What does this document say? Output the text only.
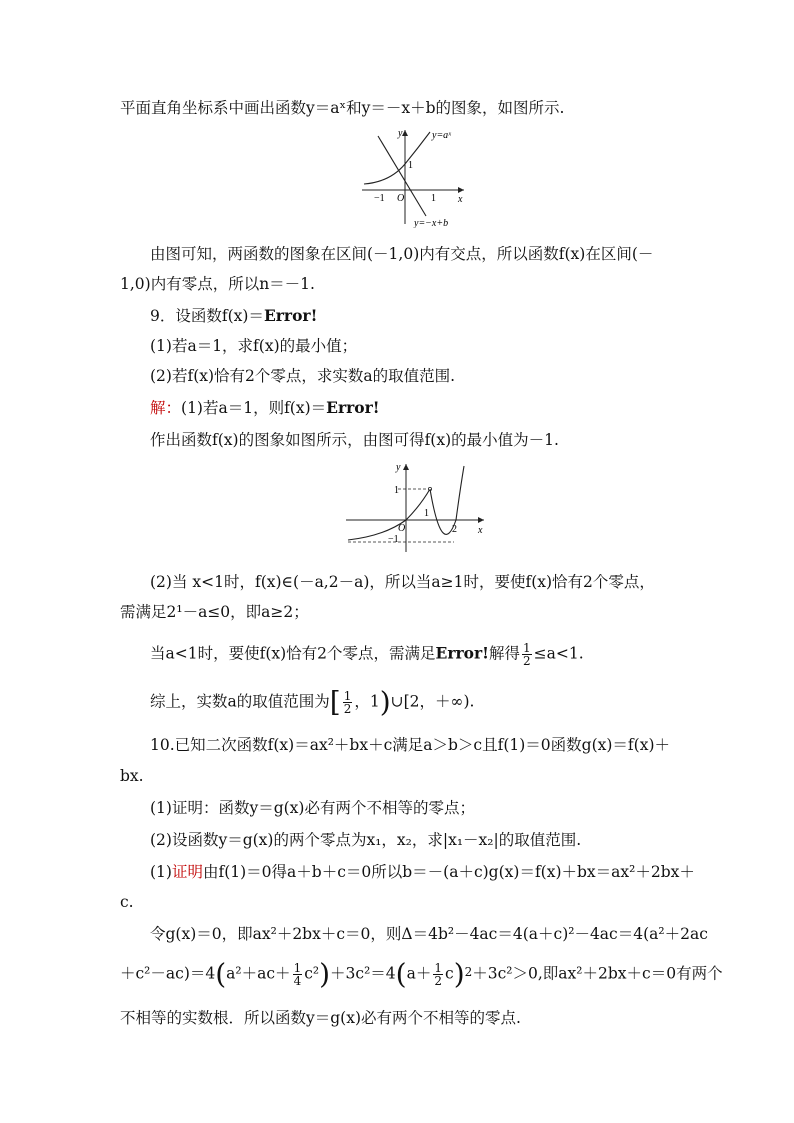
平面直角坐标系中画出函数y＝aˣ和y＝－x＋b的图象，如图所示.
y
x
O
1
1
−1
y=aˣ
y=−x+b
由图可知，两函数的图象在区间(－1,0)内有交点，所以函数f(x)在区间(－
1,0)内有零点，所以n＝－1.
9．设函数f(x)＝Error!
(1)若a＝1，求f(x)的最小值；
(2)若f(x)恰有2个零点，求实数a的取值范围.
解：(1)若a＝1，则f(x)＝Error!
作出函数f(x)的图象如图所示，由图可得f(x)的最小值为－1.
y
x
O
1
1
2
−1
(2)当 x<1时，f(x)∈(－a,2－a)，所以当a≥1时，要使f(x)恰有2个零点，
需满足2¹－a≤0，即a≥2；
当a<1时，要使f(x)恰有2个零点，需满足Error!解得 $\frac{1}{2} \le a<1$.
综上，实数a的取值范围为[ $\frac{1}{2}$ ，1)∪[2，＋∞).
10.已知二次函数f(x)＝ax²＋bx＋c满足a＞b＞c且f(1)＝0函数g(x)＝f(x)＋
bx.
(1)证明：函数y＝g(x)必有两个不相等的零点；
(2)设函数y＝g(x)的两个零点为x₁，x₂，求|x₁－x₂|的取值范围.
(1)证明由f(1)＝0得a＋b＋c＝0所以b＝－(a＋c)g(x)＝f(x)＋bx＝ax²＋2bx＋
c.
令g(x)＝0，即ax²＋2bx＋c＝0，则Δ＝4b²－4ac＝4(a＋c)²－4ac＝4(a²＋2ac
$+c^2-ac)=4(a^2+ac+ \frac{1}{4} c^2)+3c^2=4(a+ \frac{1}{2} c)^2+3c^2>0$,即ax²＋2bx＋c＝0有两个
不相等的实数根．所以函数y＝g(x)必有两个不相等的零点.
